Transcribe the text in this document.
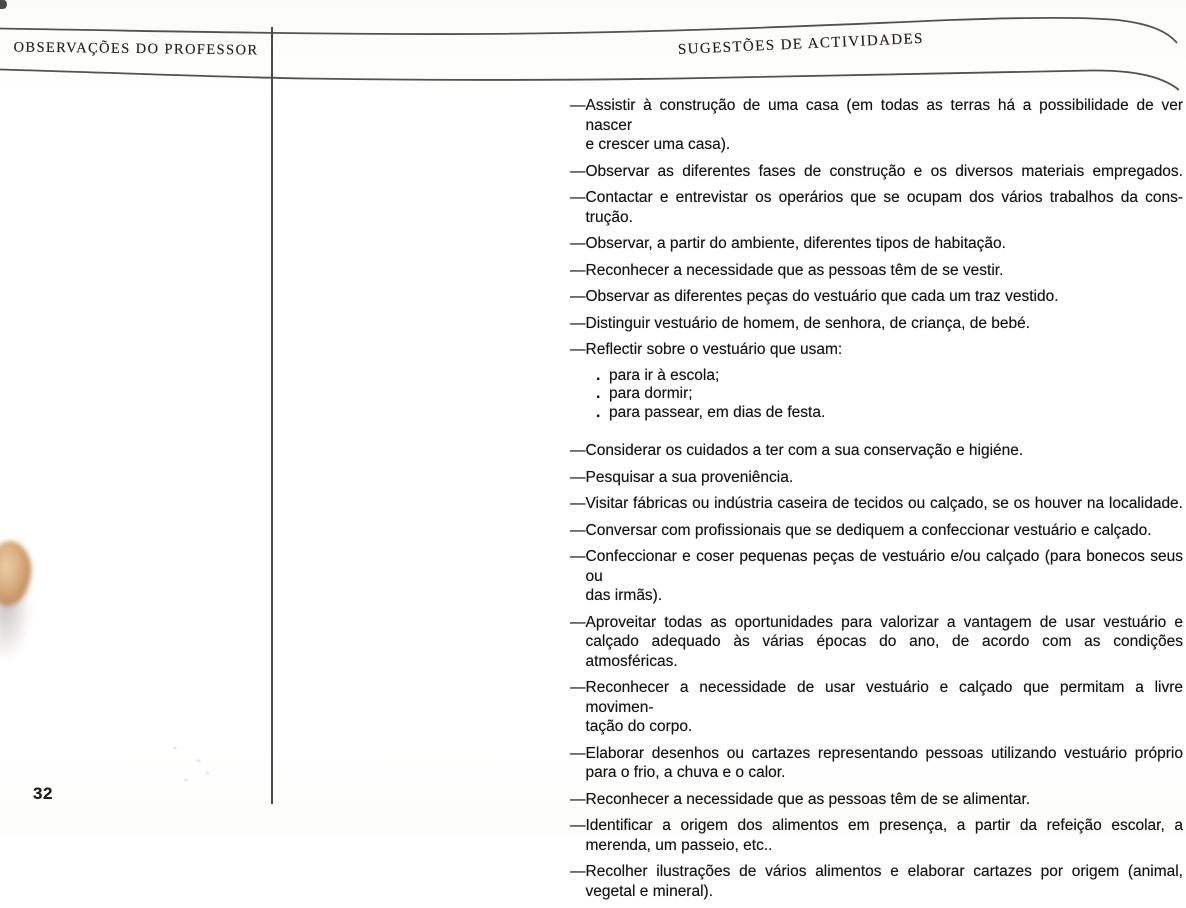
OBSERVAÇÕES DO PROFESSOR	SUGESTÕES DE ACTIVIDADES
— Assistir à construção de uma casa (em todas as terras há a possibilidade de ver nascer
e crescer uma casa).
— Observar as diferentes fases de construção e os diversos materiais empregados.
— Contactar e entrevistar os operários que se ocupam dos vários trabalhos da cons-
trução.
— Observar, a partir do ambiente, diferentes tipos de habitação.
— Reconhecer a necessidade que as pessoas têm de se vestir.
— Observar as diferentes peças do vestuário que cada um traz vestido.
— Distinguir vestuário de homem, de senhora, de criança, de bebé.
— Reflectir sobre o vestuário que usam:
. para ir à escola;
. para dormir;
. para passear, em dias de festa.
— Considerar os cuidados a ter com a sua conservação e higiéne.
— Pesquisar a sua proveniência.
— Visitar fábricas ou indústria caseira de tecidos ou calçado, se os houver na localidade.
— Conversar com profissionais que se dediquem a confeccionar vestuário e calçado.
— Confeccionar e coser pequenas peças de vestuário e/ou calçado (para bonecos seus ou
das irmãs).
— Aproveitar todas as oportunidades para valorizar a vantagem de usar vestuário e
calçado adequado às várias épocas do ano, de acordo com as condições atmosféricas.
— Reconhecer a necessidade de usar vestuário e calçado que permitam a livre movimen-
tação do corpo.
— Elaborar desenhos ou cartazes representando pessoas utilizando vestuário próprio
para o frio, a chuva e o calor.
— Reconhecer a necessidade que as pessoas têm de se alimentar.
— Identificar a origem dos alimentos em presença, a partir da refeição escolar, a
merenda, um passeio, etc..
— Recolher ilustrações de vários alimentos e elaborar cartazes por origem (animal,
vegetal e mineral).
32
